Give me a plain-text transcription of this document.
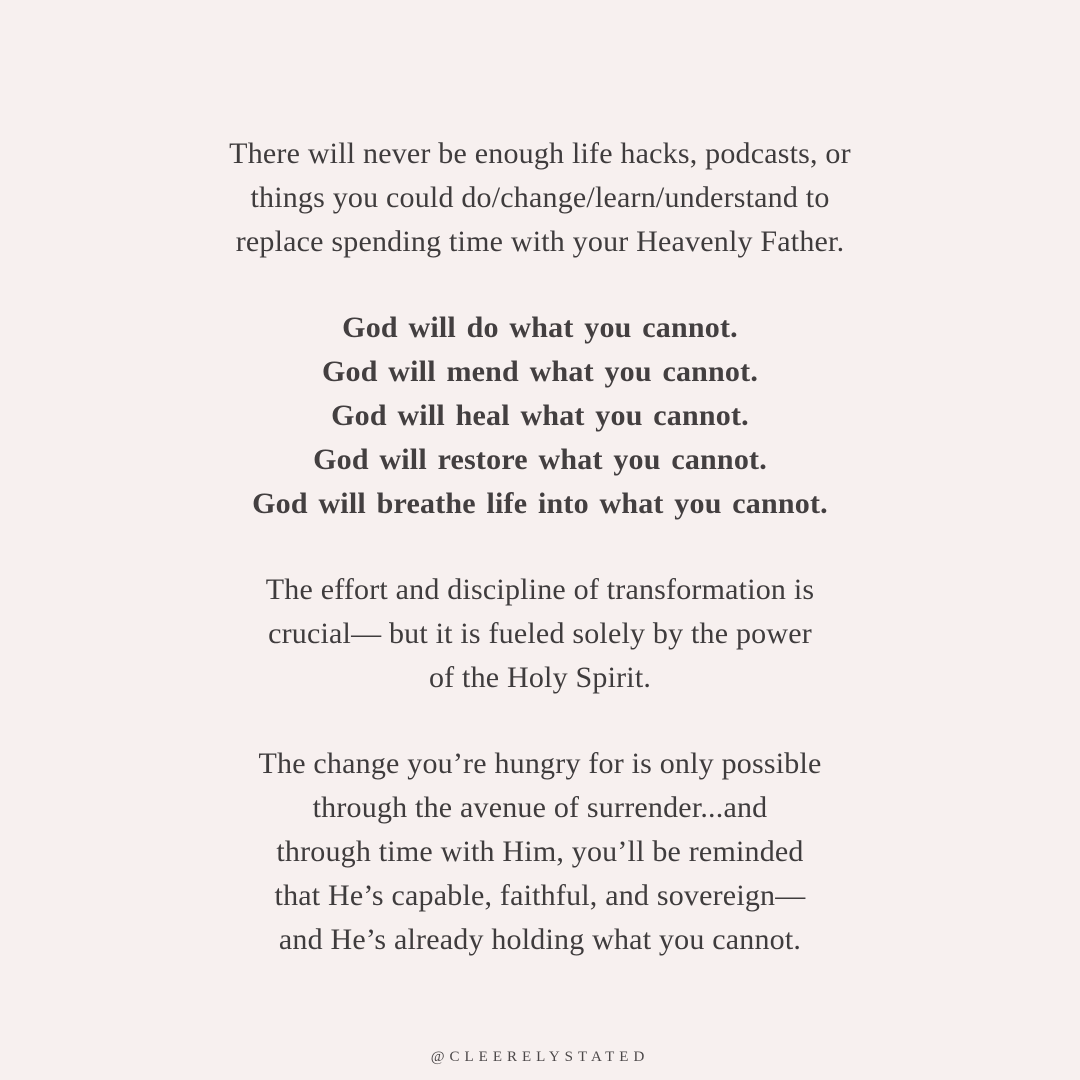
There will never be enough life hacks, podcasts, or
things you could do/change/learn/understand to
replace spending time with your Heavenly Father.
God will do what you cannot.
God will mend what you cannot.
God will heal what you cannot.
God will restore what you cannot.
God will breathe life into what you cannot.
The effort and discipline of transformation is
crucial— but it is fueled solely by the power
of the Holy Spirit.
The change you’re hungry for is only possible
through the avenue of surrender...and
through time with Him, you’ll be reminded
that He’s capable, faithful, and sovereign—
and He’s already holding what you cannot.
@CLEERELYSTATED
